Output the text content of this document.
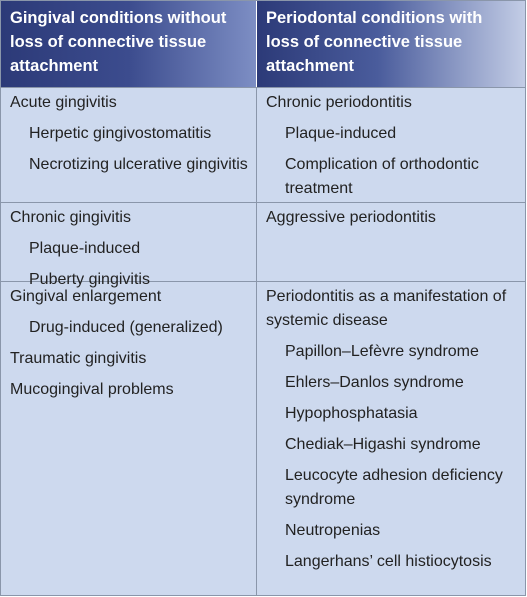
Gingival conditions without loss of connective tissue attachment
Periodontal conditions with loss of connective tissue attachment
Acute gingivitis
Herpetic gingivostomatitis
Necrotizing ulcerative gingivitis
Chronic periodontitis
Plaque-induced
Complication of orthodontic treatment
Chronic gingivitis
Plaque-induced
Puberty gingivitis
Aggressive periodontitis
Gingival enlargement
Drug-induced (generalized)
Traumatic gingivitis
Mucogingival problems
Periodontitis as a manifestation of systemic disease
Papillon–Lefèvre syndrome
Ehlers–Danlos syndrome
Hypophosphatasia
Chediak–Higashi syndrome
Leucocyte adhesion deficiency syndrome
Neutropenias
Langerhans’ cell histiocytosis
